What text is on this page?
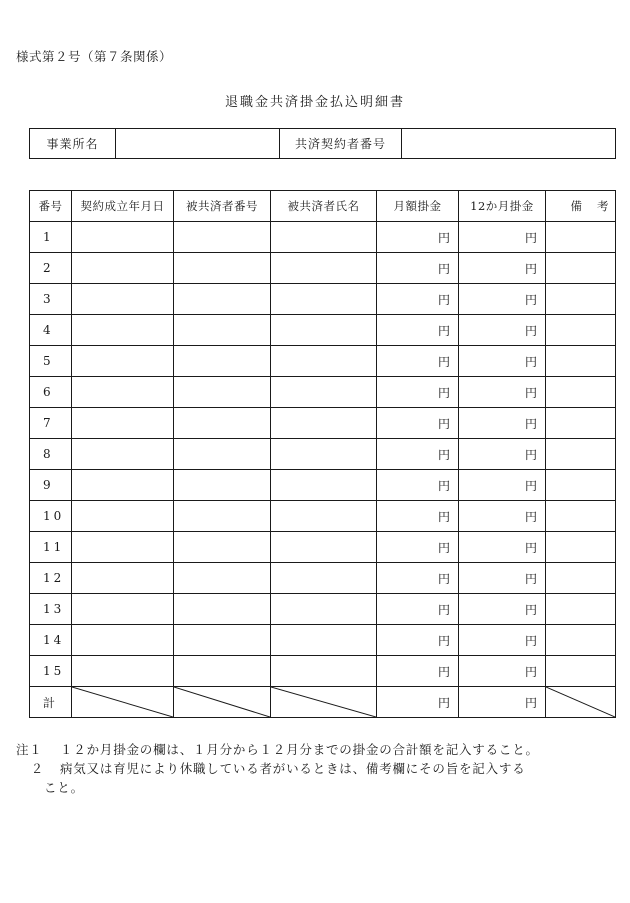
様式第２号（第７条関係）
退職金共済掛金払込明細書
事業所名		共済契約者番号	
番号	契約成立年月日	被共済者番号	被共済者氏名	月額掛金	12か月掛金	備 考

1				円	円	
2				円	円	
3				円	円	
4				円	円	
5				円	円	
6				円	円	
7				円	円	
8				円	円	
9				円	円	
10				円	円	
11				円	円	
12				円	円	
13				円	円	
14				円	円	
15				円	円	
計				円	円	
注１	１２か月掛金の欄は、１月分から１２月分までの掛金の合計額を記入すること。
２	病気又は育児により休職している者がいるときは、備考欄にその旨を記入する
こと。
